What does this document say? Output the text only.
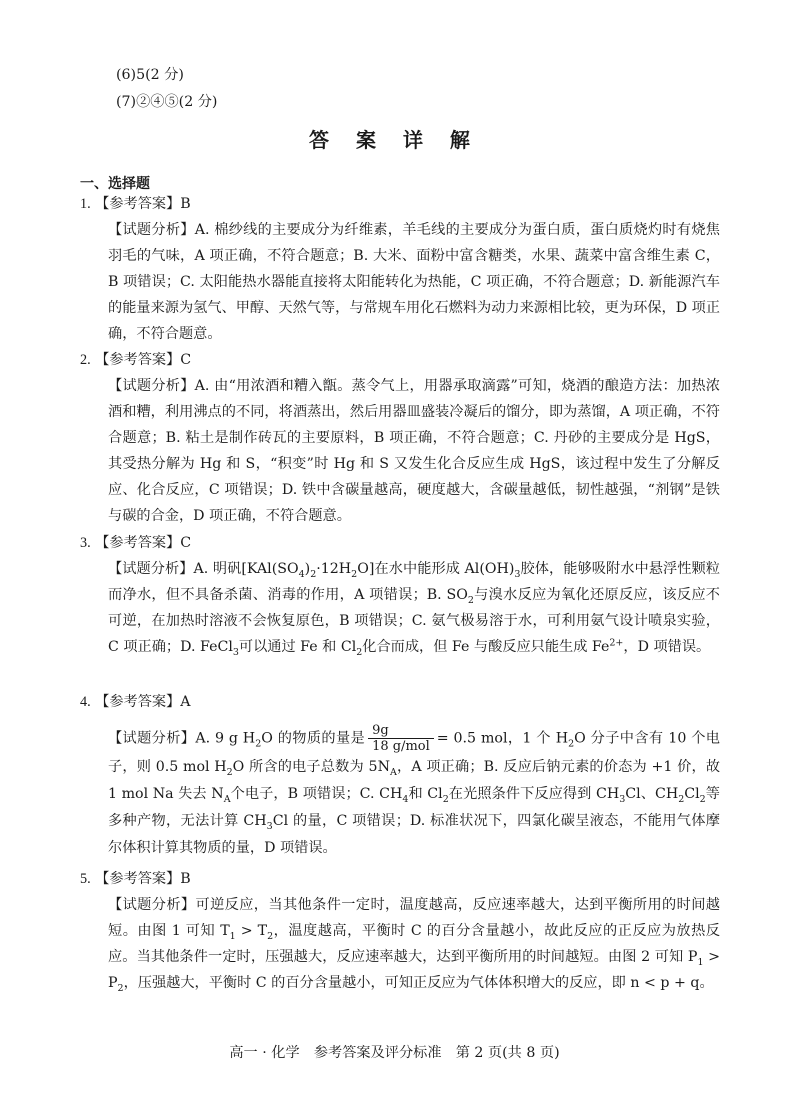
(6)5(2 分)
(7)②④⑤(2 分)
答 案 详 解
一、选择题
1. 【参考答案】B
【试题分析】A. 棉纱线的主要成分为纤维素，羊毛线的主要成分为蛋白质，蛋白质烧灼时有烧焦羽毛的气味，A 项正确，不符合题意；B. 大米、面粉中富含糖类，水果、蔬菜中富含维生素 C，B 项错误；C. 太阳能热水器能直接将太阳能转化为热能，C 项正确，不符合题意；D. 新能源汽车的能量来源为氢气、甲醇、天然气等，与常规车用化石燃料为动力来源相比较，更为环保，D 项正确，不符合题意。
2. 【参考答案】C
【试题分析】A. 由“用浓酒和糟入甑。蒸令气上，用器承取滴露”可知，烧酒的酿造方法：加热浓酒和糟，利用沸点的不同，将酒蒸出，然后用器皿盛装冷凝后的馏分，即为蒸馏，A 项正确，不符合题意；B. 粘土是制作砖瓦的主要原料，B 项正确，不符合题意；C. 丹砂的主要成分是 HgS，其受热分解为 Hg 和 S，“积变”时 Hg 和 S 又发生化合反应生成 HgS，该过程中发生了分解反应、化合反应，C 项错误；D. 铁中含碳量越高，硬度越大，含碳量越低，韧性越强，“剂钢”是铁与碳的合金，D 项正确，不符合题意。
3. 【参考答案】C
【试题分析】A. 明矾$[KAl(SO_4)_2\cdot 12H_2O]$在水中能形成 $Al(OH)_3$胶体，能够吸附水中悬浮性颗粒而净水，但不具备杀菌、消毒的作用，A 项错误；B. $SO_2$与溴水反应为氧化还原反应，该反应不可逆，在加热时溶液不会恢复原色，B 项错误；C. 氨气极易溶于水，可利用氨气设计喷泉实验，C 项正确；D. FeCl$_3$可以通过 Fe 和 $Cl_2$化合而成，但 Fe 与酸反应只能生成 $Fe^{2+}$，D 项错误。
4. 【参考答案】A
【试题分析】A. 9 g $H_2O$ 的物质的量是 $\frac{9g}{\text{18 g/mol}} = 0.5$ mol，1 个 $H_2O$ 分子中含有 10 个电子，则 0.5 mol $H_2O$ 所含的电子总数为 $5N_A$，A 项正确；B. 反应后钠元素的价态为 +1 价，故 1 mol Na 失去 $N_A$个电子，B 项错误；C. $CH_4$和 $Cl_2$在光照条件下反应得到 $CH_3Cl$、$CH_2Cl_2$等多种产物，无法计算 $CH_3Cl$ 的量，C 项错误；D. 标准状况下，四氯化碳呈液态，不能用气体摩尔体积计算其物质的量，D 项错误。
5. 【参考答案】B
【试题分析】可逆反应，当其他条件一定时，温度越高，反应速率越大，达到平衡所用的时间越短。由图 1 可知 $T_1 > T_2$，温度越高，平衡时 C 的百分含量越小，故此反应的正反应为放热反应。当其他条件一定时，压强越大，反应速率越大，达到平衡所用的时间越短。由图 2 可知 $P_1 > P_2$，压强越大，平衡时 C 的百分含量越小，可知正反应为气体体积增大的反应，即 n < p + q。
高一 · 化学　参考答案及评分标准　第 2 页(共 8 页)
